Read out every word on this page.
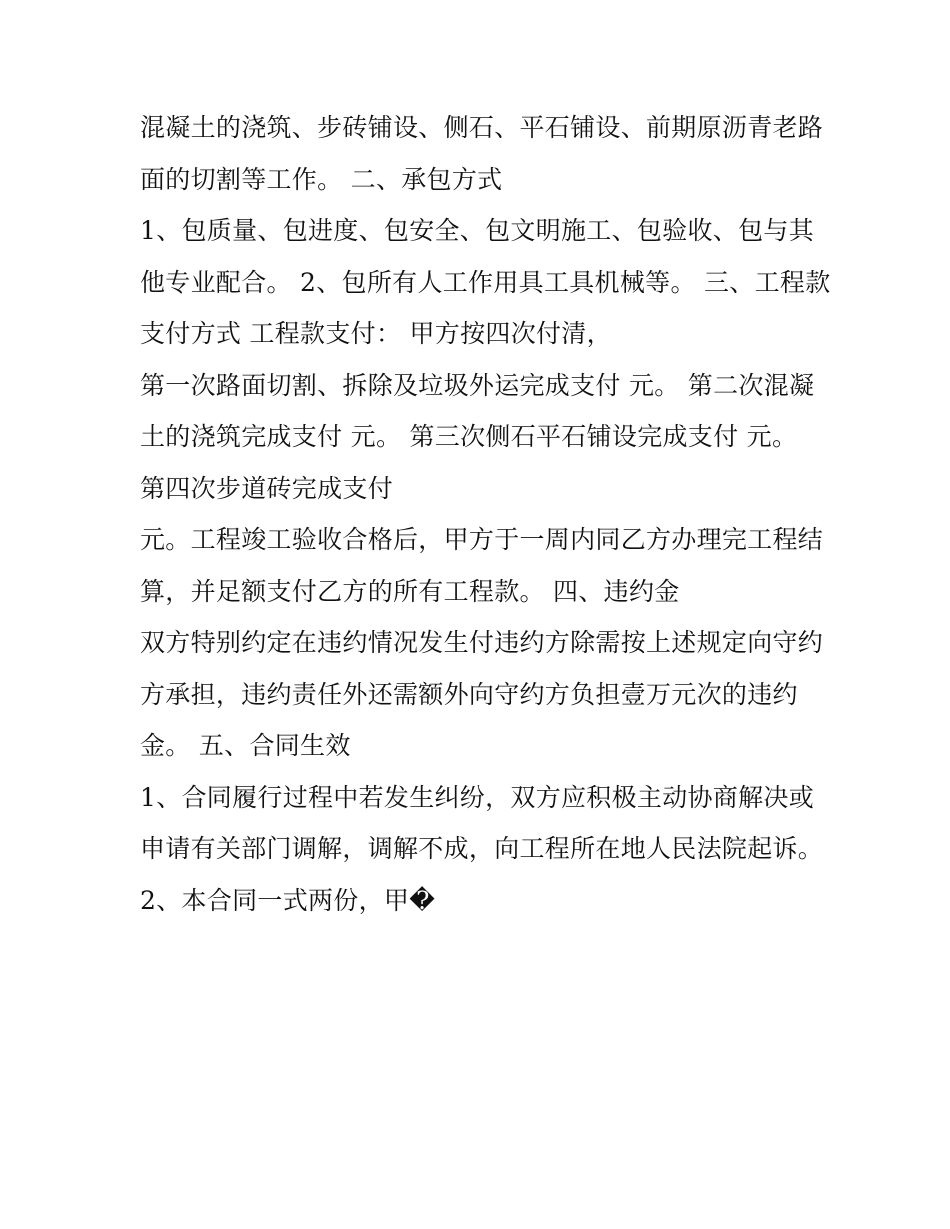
混凝土的浇筑、步砖铺设、侧石、平石铺设、前期原沥青老路
面的切割等工作。 二、承包方式
1、包质量、包进度、包安全、包文明施工、包验收、包与其
他专业配合。 2、包所有人工作用具工具机械等。 三、工程款
支付方式 工程款支付： 甲方按四次付清，
第一次路面切割、拆除及垃圾外运完成支付 元。 第二次混凝
土的浇筑完成支付 元。 第三次侧石平石铺设完成支付 元。
第四次步道砖完成支付
元。工程竣工验收合格后，甲方于一周内同乙方办理完工程结
算，并足额支付乙方的所有工程款。 四、违约金
双方特别约定在违约情况发生付违约方除需按上述规定向守约
方承担，违约责任外还需额外向守约方负担壹万元次的违约
金。 五、合同生效
1、合同履行过程中若发生纠纷，双方应积极主动协商解决或
申请有关部门调解，调解不成，向工程所在地人民法院起诉。
2、本合同一式两份，甲�
